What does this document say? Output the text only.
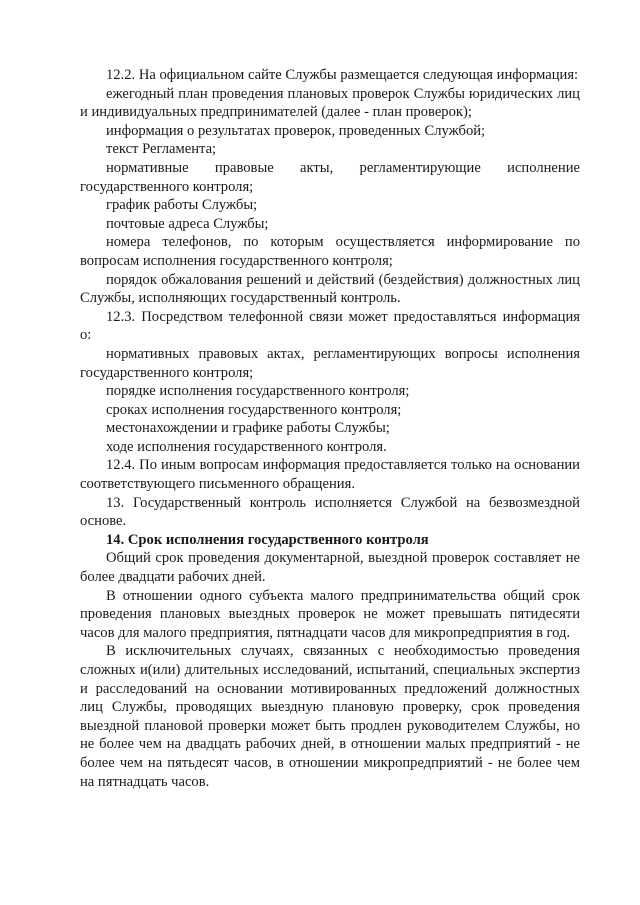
12.2. На официальном сайте Службы размещается следующая информация:

ежегодный план проведения плановых проверок Службы юридических лиц и индивидуальных предпринимателей (далее - план проверок);

информация о результатах проверок, проведенных Службой;

текст Регламента;

нормативные правовые акты, регламентирующие исполнение государственного контроля;

график работы Службы;

почтовые адреса Службы;

номера телефонов, по которым осуществляется информирование по вопросам исполнения государственного контроля;

порядок обжалования решений и действий (бездействия) должностных лиц Службы, исполняющих государственный контроль.

12.3. Посредством телефонной связи может предоставляться информация о:

нормативных правовых актах, регламентирующих вопросы исполнения государственного контроля;

порядке исполнения государственного контроля;

сроках исполнения государственного контроля;

местонахождении и графике работы Службы;

ходе исполнения государственного контроля.

12.4. По иным вопросам информация предоставляется только на основании соответствующего письменного обращения.

13. Государственный контроль исполняется Службой на безвозмездной основе.

14. Срок исполнения государственного контроля

Общий срок проведения документарной, выездной проверок составляет не более двадцати рабочих дней.

В отношении одного субъекта малого предпринимательства общий срок проведения плановых выездных проверок не может превышать пятидесяти часов для малого предприятия, пятнадцати часов для микропредприятия в год.

В исключительных случаях, связанных с необходимостью проведения сложных и(или) длительных исследований, испытаний, специальных экспертиз и расследований на основании мотивированных предложений должностных лиц Службы, проводящих выездную плановую проверку, срок проведения выездной плановой проверки может быть продлен руководителем Службы, но не более чем на двадцать рабочих дней, в отношении малых предприятий - не более чем на пятьдесят часов, в отношении микропредприятий - не более чем на пятнадцать часов.
